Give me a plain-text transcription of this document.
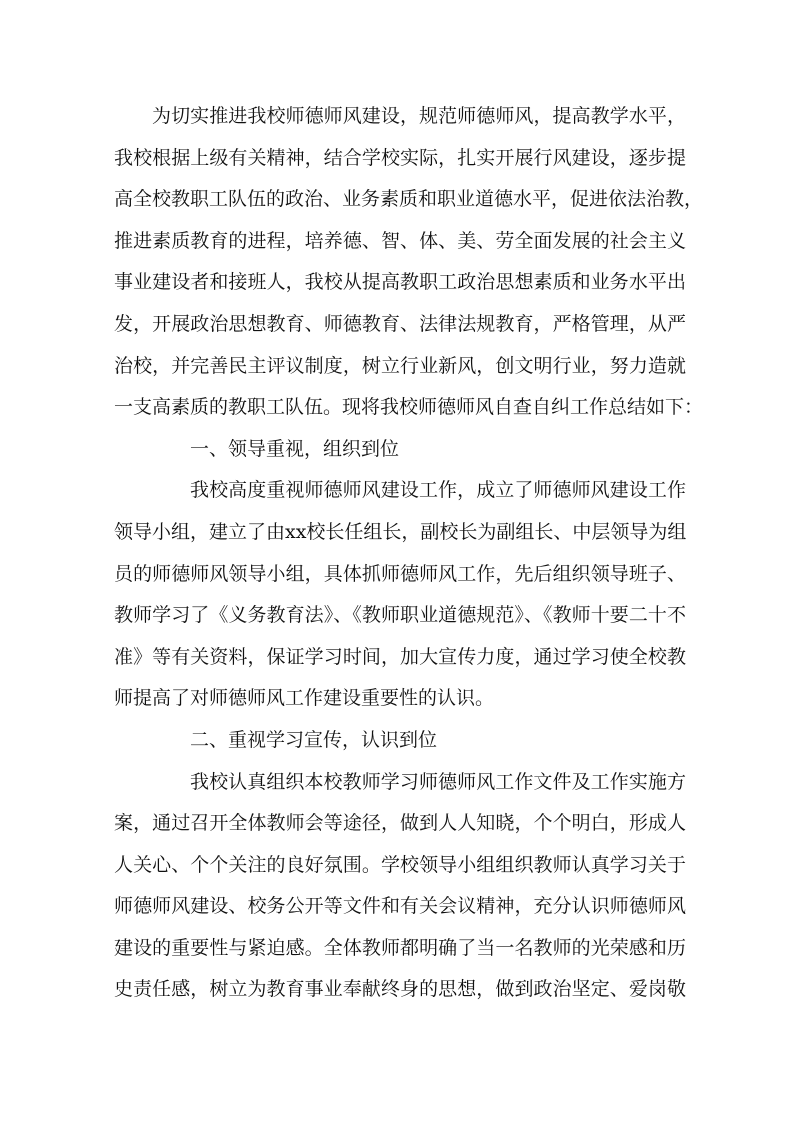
为切实推进我校师德师风建设，规范师德师风，提高教学水平，
我校根据上级有关精神，结合学校实际，扎实开展行风建设，逐步提
高全校教职工队伍的政治、业务素质和职业道德水平，促进依法治教，
推进素质教育的进程，培养德、智、体、美、劳全面发展的社会主义
事业建设者和接班人，我校从提高教职工政治思想素质和业务水平出
发，开展政治思想教育、师德教育、法律法规教育，严格管理，从严
治校，并完善民主评议制度，树立行业新风，创文明行业，努力造就
一支高素质的教职工队伍。现将我校师德师风自查自纠工作总结如下：
一、领导重视，组织到位
我校高度重视师德师风建设工作，成立了师德师风建设工作
领导小组，建立了由xx校长任组长，副校长为副组长、中层领导为组
员的师德师风领导小组，具体抓师德师风工作，先后组织领导班子、
教师学习了《义务教育法》、《教师职业道德规范》、《教师十要二十不
准》等有关资料，保证学习时间，加大宣传力度，通过学习使全校教
师提高了对师德师风工作建设重要性的认识。
二、重视学习宣传，认识到位
我校认真组织本校教师学习师德师风工作文件及工作实施方
案，通过召开全体教师会等途径，做到人人知晓，个个明白，形成人
人关心、个个关注的良好氛围。学校领导小组组织教师认真学习关于
师德师风建设、校务公开等文件和有关会议精神，充分认识师德师风
建设的重要性与紧迫感。全体教师都明确了当一名教师的光荣感和历
史责任感，树立为教育事业奉献终身的思想，做到政治坚定、爱岗敬
